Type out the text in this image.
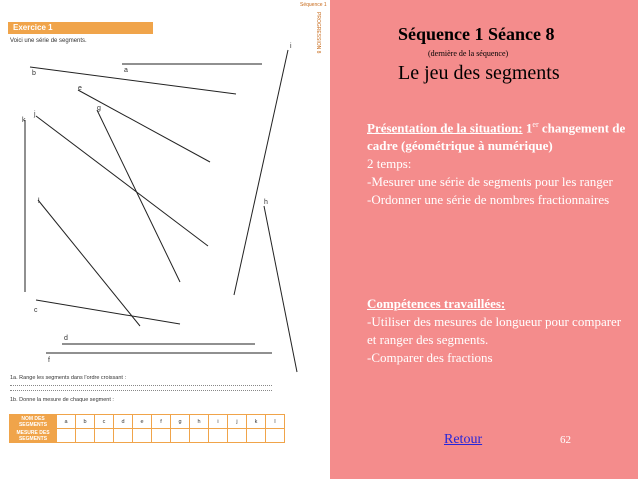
Séquence 1
PROGRESSION 8
Exercice 1
Voici une série de segments.
a
b
e
g
j
k
l
i
h
c
d
f
1a. Range les segments dans l'ordre croissant :
1b. Donne la mesure de chaque segment :
NOM DES SEGMENTS	a	b	c	d	e	f	g	h	i	j	k	l
MESURE DES SEGMENTS												
Séquence 1 Séance 8
(dernière de la séquence)
Le jeu des segments
Présentation de la situation: 1er changement de cadre (géométrique à numérique)
2 temps:
-Mesurer une série de segments pour les ranger
-Ordonner une série de nombres fractionnaires
Compétences travaillées:
-Utiliser des mesures de longueur pour comparer et ranger des segments.
-Comparer des fractions
Retour	62
